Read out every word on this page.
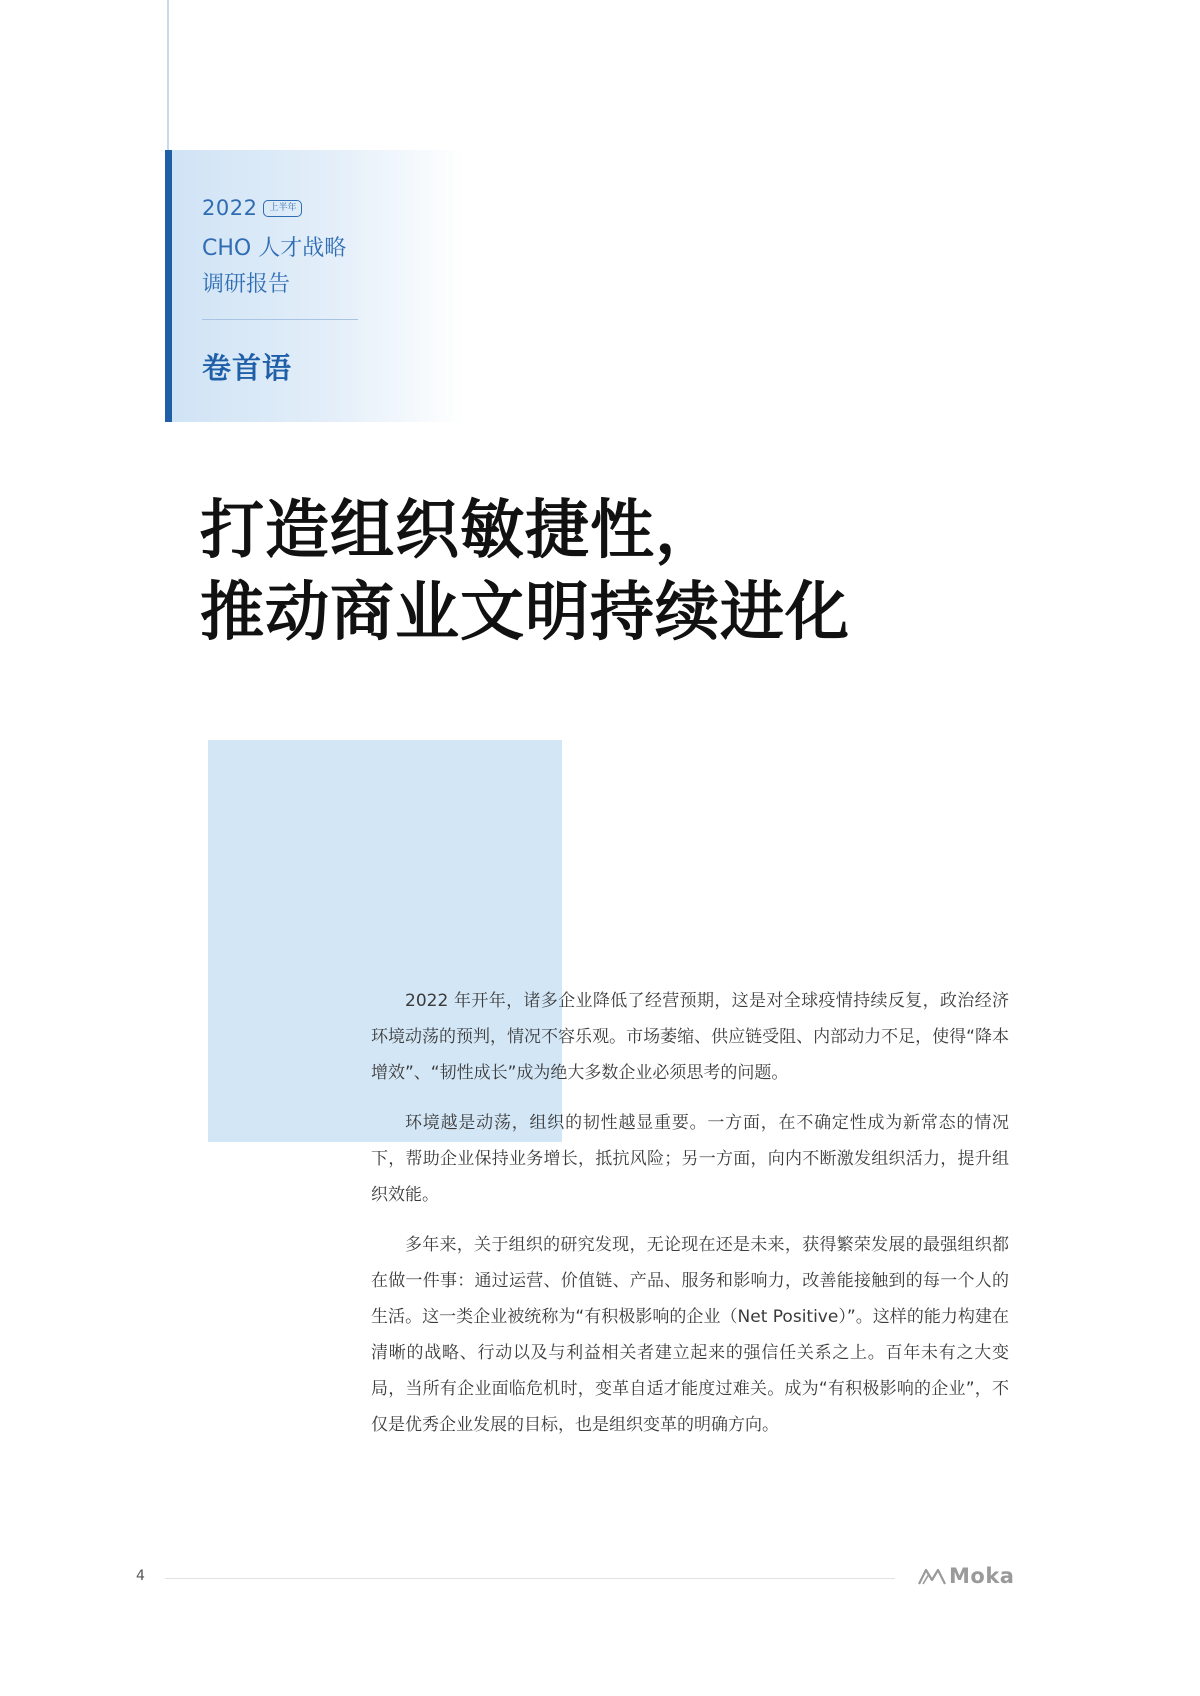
2022	上半年
CHO 人才战略
调研报告
卷首语
打造组织敏捷性，
推动商业文明持续进化

2022 年开年，诸多企业降低了经营预期，这是对全球疫情持续反复，政治经济环境动荡的预判，情况不容乐观。市场萎缩、供应链受阻、内部动力不足，使得“降本增效”、“韧性成长”成为绝大多数企业必须思考的问题。

环境越是动荡，组织的韧性越显重要。一方面，在不确定性成为新常态的情况下，帮助企业保持业务增长，抵抗风险；另一方面，向内不断激发组织活力，提升组织效能。

多年来，关于组织的研究发现，无论现在还是未来，获得繁荣发展的最强组织都在做一件事：通过运营、价值链、产品、服务和影响力，改善能接触到的每一个人的生活。这一类企业被统称为“有积极影响的企业（Net Positive）”。这样的能力构建在清晰的战略、行动以及与利益相关者建立起来的强信任关系之上。百年未有之大变局，当所有企业面临危机时，变革自适才能度过难关。成为“有积极影响的企业”，不仅是优秀企业发展的目标，也是组织变革的明确方向。

4	Moka
